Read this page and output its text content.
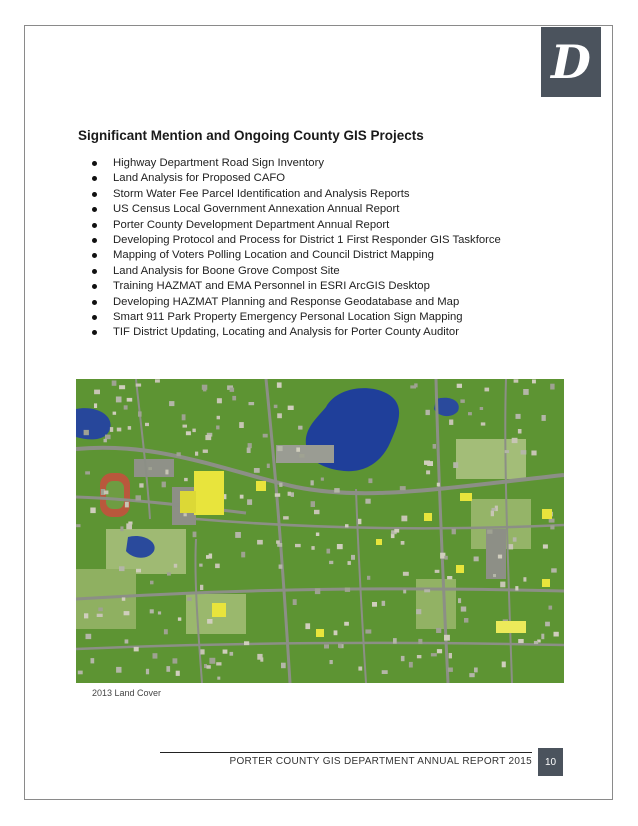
D
Significant Mention and Ongoing County GIS Projects
Highway Department Road Sign Inventory
Land Analysis for Proposed CAFO
Storm Water Fee Parcel Identification and Analysis Reports
US Census Local Government Annexation Annual Report
Porter County Development Department Annual Report
Developing Protocol and Process for District 1 First Responder GIS Taskforce
Mapping of Voters Polling Location and Council District Mapping
Land Analysis for Boone Grove Compost Site
Training HAZMAT and EMA Personnel in ESRI ArcGIS Desktop
Developing HAZMAT Planning and Response Geodatabase and Map
Smart 911 Park Property Emergency Personal Location Sign Mapping
TIF District Updating, Locating and Analysis for Porter County Auditor
2013 Land Cover
PORTER COUNTY GIS DEPARTMENT ANNUAL REPORT 2015	10
